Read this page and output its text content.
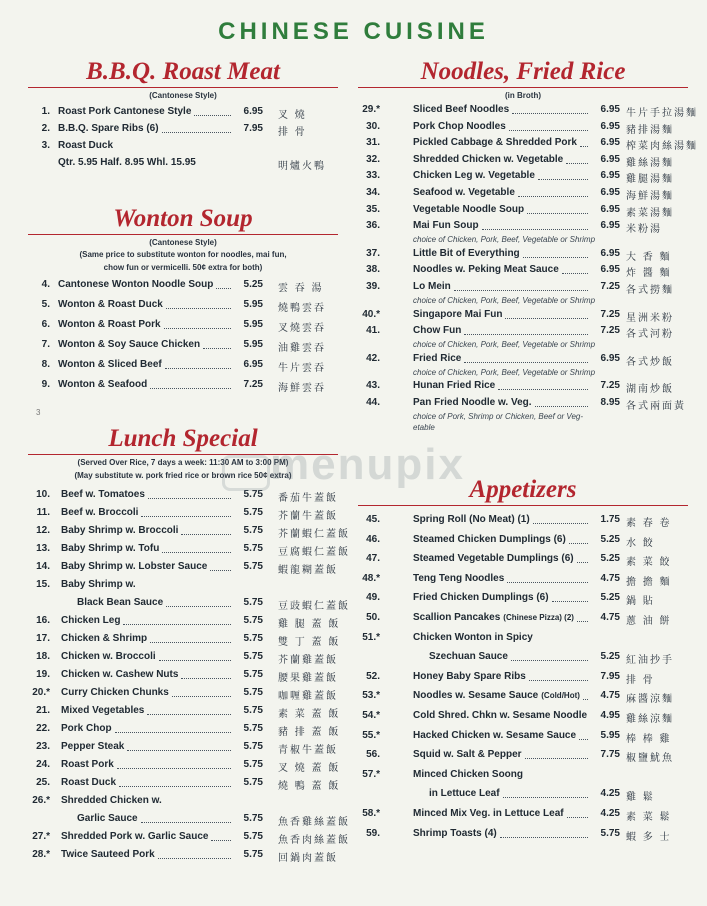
CHINESE CUISINE
B.B.Q. Roast Meat
(Cantonese Style)
1. Roast Pork Cantonese Style	6.95 叉 燒
2. B.B.Q. Spare Ribs (6)	7.95 排 骨
3. Roast Duck
Qtr. 5.95 Half. 8.95 Whl. 15.95	明爐火鴨
Wonton Soup
(Cantonese Style)
(Same price to substitute wonton for noodles, mai fun,
chow fun or vermicelli. 50¢ extra for both)
4. Cantonese Wonton Noodle Soup	5.25 雲 吞 湯
5. Wonton & Roast Duck	5.95 燒鴨雲吞
6. Wonton & Roast Pork	5.95 叉燒雲吞
7. Wonton & Soy Sauce Chicken	5.95 油雞雲吞
8. Wonton & Sliced Beef	6.95 牛片雲吞
9. Wonton & Seafood	7.25 海鮮雲吞
3
Lunch Special
(Served Over Rice, 7 days a week: 11:30 AM to 3:00 PM)
(May substitute w. pork fried rice or brown rice 50¢ extra)
10. Beef w. Tomatoes	5.75 番茄牛蓋飯
11. Beef w. Broccoli	5.75 芥蘭牛蓋飯
12. Baby Shrimp w. Broccoli	5.75 芥蘭蝦仁蓋飯
13. Baby Shrimp w. Tofu	5.75 豆腐蝦仁蓋飯
14. Baby Shrimp w. Lobster Sauce	5.75 蝦龍糊蓋飯
15. Baby Shrimp w.
Black Bean Sauce	5.75 豆豉蝦仁蓋飯
16. Chicken Leg	5.75 雞 腿 蓋 飯
17. Chicken & Shrimp	5.75 雙 丁 蓋 飯
18. Chicken w. Broccoli	5.75 芥蘭雞蓋飯
19. Chicken w. Cashew Nuts	5.75 腰果雞蓋飯
20.* Curry Chicken Chunks	5.75 咖喱雞蓋飯
21. Mixed Vegetables	5.75 素 菜 蓋 飯
22. Pork Chop	5.75 豬 排 蓋 飯
23. Pepper Steak	5.75 青椒牛蓋飯
24. Roast Pork	5.75 叉 燒 蓋 飯
25. Roast Duck	5.75 燒 鴨 蓋 飯
26.* Shredded Chicken w.
Garlic Sauce	5.75 魚香雞絲蓋飯
27.* Shredded Pork w. Garlic Sauce	5.75 魚香肉絲蓋飯
28.* Twice Sauteed Pork	5.75 回鍋肉蓋飯
Noodles, Fried Rice
(in Broth)
29.*	Sliced Beef Noodles	6.95 牛片手拉湯麵
30.	Pork Chop Noodles	6.95 豬排湯麵
31.	Pickled Cabbage & Shredded Pork	6.95 榨菜肉絲湯麵
32.	Shredded Chicken w. Vegetable	6.95 雞絲湯麵
33.	Chicken Leg w. Vegetable	6.95 雞腿湯麵
34.	Seafood w. Vegetable	6.95 海鮮湯麵
35.	Vegetable Noodle Soup	6.95 素菜湯麵
36.	Mai Fun Soup	6.95 米粉湯
choice of Chicken, Pork, Beef, Vegetable or Shrimp
37.	Little Bit of Everything	6.95 大 香 麵
38.	Noodles w. Peking Meat Sauce	6.95 炸 醬 麵
39.	Lo Mein	7.25 各式撈麵
choice of Chicken, Pork, Beef, Vegetable or Shrimp
40.*	Singapore Mai Fun	7.25 星洲米粉
41.	Chow Fun	7.25 各式河粉
choice of Chicken, Pork, Beef, Vegetable or Shrimp
42.	Fried Rice	6.95 各式炒飯
choice of Chicken, Pork, Beef, Vegetable or Shrimp
43.	Hunan Fried Rice	7.25 湖南炒飯
44.	Pan Fried Noodle w. Veg.	8.95 各式兩面黃
choice of Pork, Shrimp or Chicken, Beef or Veg-
etable
Appetizers
45.	Spring Roll (No Meat) (1)	1.75 素 春 卷
46.	Steamed Chicken Dumplings (6)	5.25 水 餃
47.	Steamed Vegetable Dumplings (6)	5.25 素 菜 餃
48.*	Teng Teng Noodles	4.75 擔 擔 麵
49.	Fried Chicken Dumplings (6)	5.25 鍋 貼
50.	Scallion Pancakes (Chinese Pizza) (2)	4.75 蔥 油 餅
51.*	Chicken Wonton in Spicy
Szechuan Sauce	5.25 紅油抄手
52.	Honey Baby Spare Ribs	7.95 排 骨
53.*	Noodles w. Sesame Sauce (Cold/Hot)	4.75 麻醬涼麵
54.*	Cold Shred. Chkn w. Sesame Noodle	4.95 雞絲涼麵
55.*	Hacked Chicken w. Sesame Sauce	5.95 棒 棒 雞
56.	Squid w. Salt & Pepper	7.75 椒鹽魷魚
57.*	Minced Chicken Soong
in Lettuce Leaf	4.25 雞 鬆
58.*	Minced Mix Veg. in Lettuce Leaf	4.25 素 菜 鬆
59.	Shrimp Toasts (4)	5.75 蝦 多 士
menupix
